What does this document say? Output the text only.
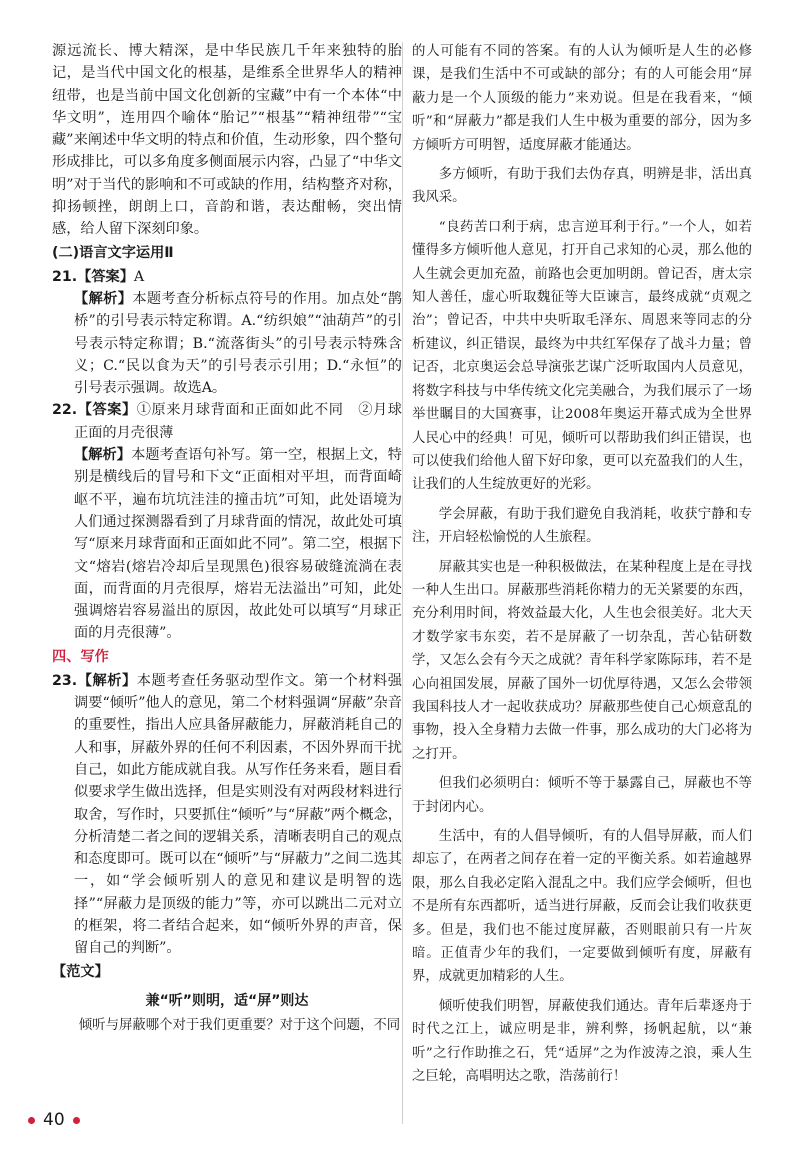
源远流长、博大精深，是中华民族几千年来独特的胎记，是当代中国文化的根基，是维系全世界华人的精神纽带，也是当前中国文化创新的宝藏”中有一个本体“中华文明”，连用四个喻体“胎记”“根基”“精神纽带”“宝藏”来阐述中华文明的特点和价值，生动形象，四个整句形成排比，可以多角度多侧面展示内容，凸显了“中华文明”对于当代的影响和不可或缺的作用，结构整齐对称，抑扬顿挫，朗朗上口，音韵和谐，表达酣畅，突出情感，给人留下深刻印象。

(二)语言文字运用Ⅱ

21.【答案】A

【解析】本题考查分析标点符号的作用。加点处“鹊桥”的引号表示特定称谓。A.“纺织娘”“油葫芦”的引号表示特定称谓；B.“流落街头”的引号表示特殊含义；C.“民以食为天”的引号表示引用；D.“永恒”的引号表示强调。故选A。

22.【答案】①原来月球背面和正面如此不同　②月球正面的月壳很薄

【解析】本题考查语句补写。第一空，根据上文，特别是横线后的冒号和下文“正面相对平坦，而背面崎岖不平，遍布坑坑洼洼的撞击坑”可知，此处语境为人们通过探测器看到了月球背面的情况，故此处可填写“原来月球背面和正面如此不同”。第二空，根据下文“熔岩(熔岩冷却后呈现黑色)很容易破缝流淌在表面，而背面的月壳很厚，熔岩无法溢出”可知，此处强调熔岩容易溢出的原因，故此处可以填写“月球正面的月壳很薄”。

四、写作

23.【解析】本题考查任务驱动型作文。第一个材料强调要“倾听”他人的意见，第二个材料强调“屏蔽”杂音的重要性，指出人应具备屏蔽能力，屏蔽消耗自己的人和事，屏蔽外界的任何不利因素，不因外界而干扰自己，如此方能成就自我。从写作任务来看，题目看似要求学生做出选择，但是实则没有对两段材料进行取舍，写作时，只要抓住“倾听”与“屏蔽”两个概念，分析清楚二者之间的逻辑关系，清晰表明自己的观点和态度即可。既可以在“倾听”与“屏蔽力”之间二选其一，如“学会倾听别人的意见和建议是明智的选择”“屏蔽力是顶级的能力”等，亦可以跳出二元对立的框架，将二者结合起来，如“倾听外界的声音，保留自己的判断”。

【范文】
兼“听”则明，适“屏”则达

倾听与屏蔽哪个对于我们更重要？对于这个问题，不同

的人可能有不同的答案。有的人认为倾听是人生的必修课，是我们生活中不可或缺的部分；有的人可能会用“屏蔽力是一个人顶级的能力”来劝说。但是在我看来，“倾听”和“屏蔽力”都是我们人生中极为重要的部分，因为多方倾听方可明智，适度屏蔽才能通达。

多方倾听，有助于我们去伪存真，明辨是非，活出真我风采。

“良药苦口利于病，忠言逆耳利于行。”一个人，如若懂得多方倾听他人意见，打开自己求知的心灵，那么他的人生就会更加充盈，前路也会更加明朗。曾记否，唐太宗知人善任，虚心听取魏征等大臣谏言，最终成就“贞观之治”；曾记否，中共中央听取毛泽东、周恩来等同志的分析建议，纠正错误，最终为中共红军保存了战斗力量；曾记否，北京奥运会总导演张艺谋广泛听取国内人员意见，将数字科技与中华传统文化完美融合，为我们展示了一场举世瞩目的大国赛事，让2008年奥运开幕式成为全世界人民心中的经典！可见，倾听可以帮助我们纠正错误，也可以使我们给他人留下好印象，更可以充盈我们的人生，让我们的人生绽放更好的光彩。

学会屏蔽，有助于我们避免自我消耗，收获宁静和专注，开启轻松愉悦的人生旅程。

屏蔽其实也是一种积极做法，在某种程度上是在寻找一种人生出口。屏蔽那些消耗你精力的无关紧要的东西，充分利用时间，将效益最大化，人生也会很美好。北大天才数学家韦东奕，若不是屏蔽了一切杂乱，苦心钻研数学，又怎么会有今天之成就？青年科学家陈际玮，若不是心向祖国发展，屏蔽了国外一切优厚待遇，又怎么会带领我国科技人才一起收获成功？屏蔽那些使自己心烦意乱的事物，投入全身精力去做一件事，那么成功的大门必将为之打开。

但我们必须明白：倾听不等于暴露自己，屏蔽也不等于封闭内心。

生活中，有的人倡导倾听，有的人倡导屏蔽，而人们却忘了，在两者之间存在着一定的平衡关系。如若逾越界限，那么自我必定陷入混乱之中。我们应学会倾听，但也不是所有东西都听，适当进行屏蔽，反而会让我们收获更多。但是，我们也不能过度屏蔽，否则眼前只有一片灰暗。正值青少年的我们，一定要做到倾听有度，屏蔽有界，成就更加精彩的人生。

倾听使我们明智，屏蔽使我们通达。青年后辈逐舟于时代之江上，诚应明是非，辨利弊，扬帆起航，以“兼听”之行作助推之石，凭“适屏”之为作波涛之浪，乘人生之巨轮，高唱明达之歌，浩荡前行！

40
